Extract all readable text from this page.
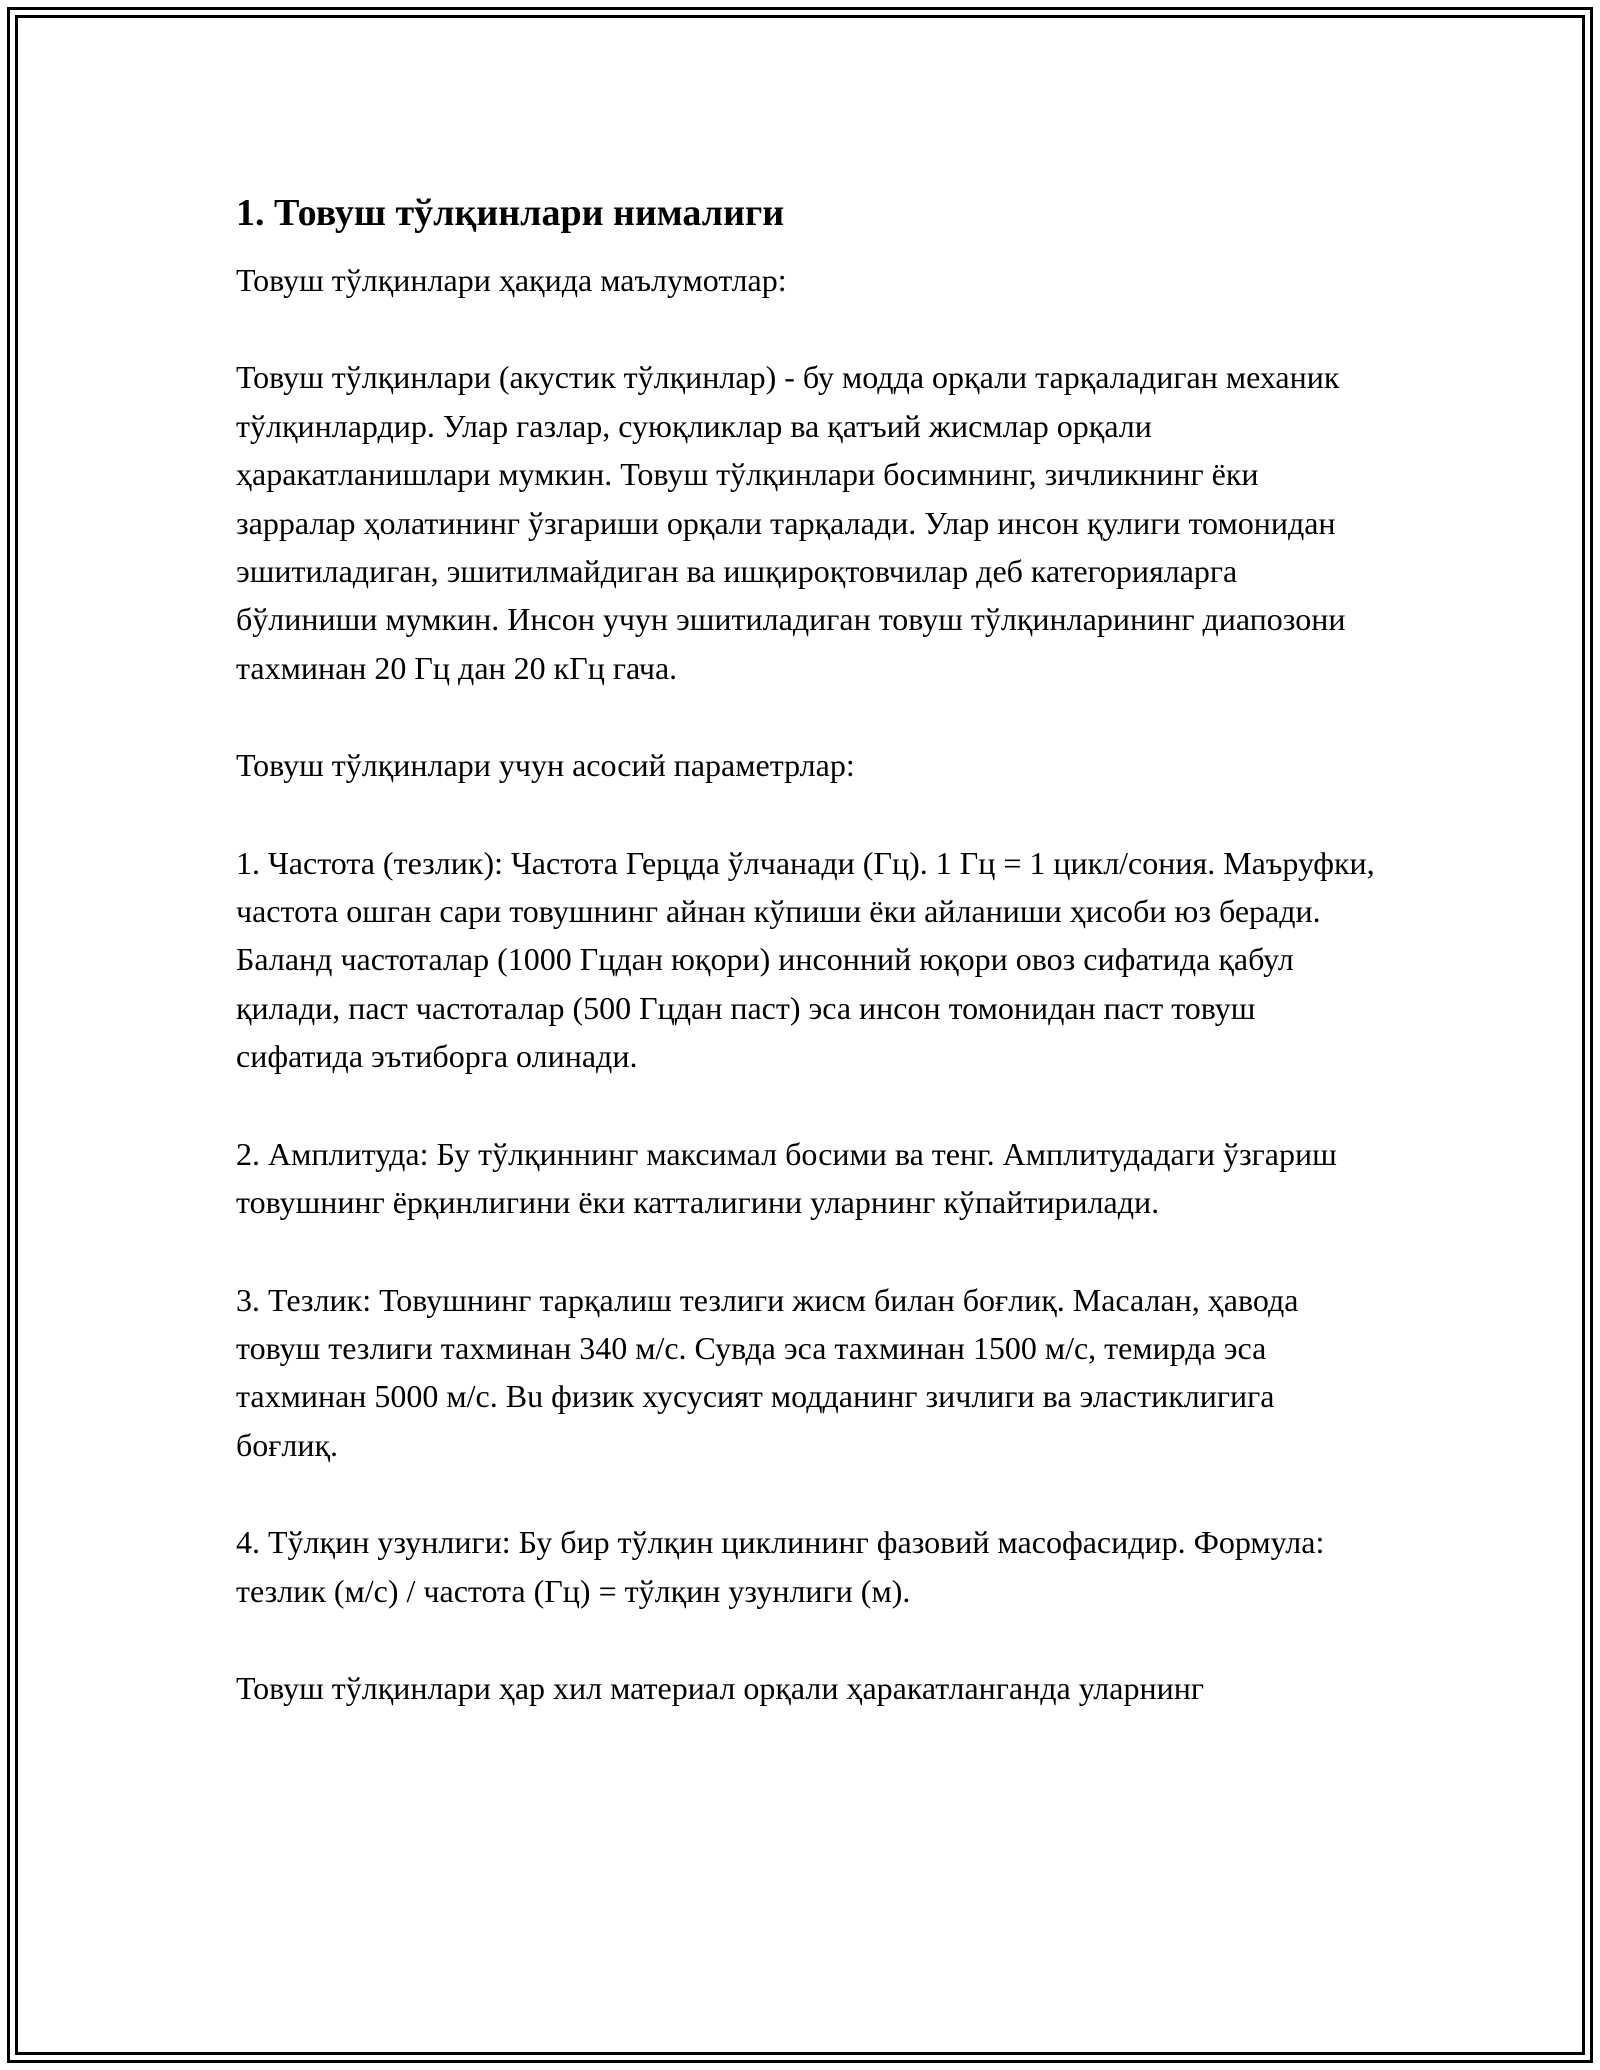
1. Товуш тўлқинлари нималиги

Товуш тўлқинлари ҳақида маълумотлар:

Товуш тўлқинлари (акустик тўлқинлар) - бу модда орқали тарқаладиган механик тўлқинлардир. Улар газлар, суюқликлар ва қатъий жисмлар орқали ҳаракатланишлари мумкин. Товуш тўлқинлари босимнинг, зичликнинг ёки зарралар ҳолатининг ўзгариши орқали тарқалади. Улар инсон қулиги томонидан эшитиладиган, эшитилмайдиган ва ишқироқтовчилар деб категорияларга бўлиниши мумкин. Инсон учун эшитиладиган товуш тўлқинларининг диапозони тахминан 20 Гц дан 20 кГц гача.

Товуш тўлқинлари учун асосий параметрлар:

1. Частота (тезлик): Частота Герцда ўлчанади (Гц). 1 Гц = 1 цикл/сония. Маъруфки, частота ошган сари товушнинг айнан кўпиши ёки айланиши ҳисоби юз беради. Баланд частоталар (1000 Гцдан юқори) инсонний юқори овоз сифатида қабул қилади, паст частоталар (500 Гцдан паст) эса инсон томонидан паст товуш сифатида эътиборга олинади.

2. Амплитуда: Бу тўлқиннинг максимал босими ва тенг. Амплитудадаги ўзгариш товушнинг ёрқинлигини ёки катталигини уларнинг кўпайтирилади.

3. Тезлик: Товушнинг тарқалиш тезлиги жисм билан боғлиқ. Масалан, ҳавода товуш тезлиги тахминан 340 м/с. Сувда эса тахминан 1500 м/с, темирда эса тахминан 5000 м/с. Вu физик хусусият модданинг зичлиги ва эластиклигига боғлиқ.

4. Тўлқин узунлиги: Бу бир тўлқин циклининг фазовий масофасидир. Формула: тезлик (м/с) / частота (Гц) = тўлқин узунлиги (м).

Товуш тўлқинлари ҳар хил материал орқали ҳаракатланганда уларнинг
